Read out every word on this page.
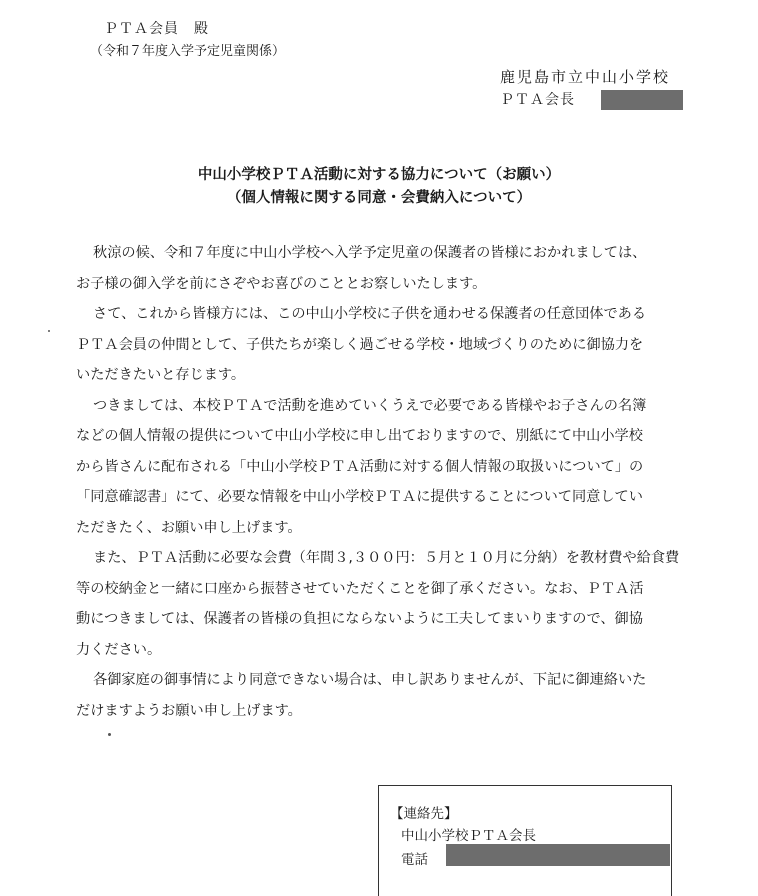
ＰＴＡ会員　殿
（令和７年度入学予定児童関係）
鹿児島市立中山小学校
ＰＴＡ会長
中山小学校ＰＴＡ活動に対する協力について（お願い）
（個人情報に関する同意・会費納入について）
秋涼の候、令和７年度に中山小学校へ入学予定児童の保護者の皆様におかれましては、
お子様の御入学を前にさぞやお喜びのこととお察しいたします。
さて、これから皆様方には、この中山小学校に子供を通わせる保護者の任意団体である
ＰＴＡ会員の仲間として、子供たちが楽しく過ごせる学校・地域づくりのために御協力を
いただきたいと存じます。
つきましては、本校ＰＴＡで活動を進めていくうえで必要である皆様やお子さんの名簿
などの個人情報の提供について中山小学校に申し出ておりますので、別紙にて中山小学校
から皆さんに配布される「中山小学校ＰＴＡ活動に対する個人情報の取扱いについて」の
「同意確認書」にて、必要な情報を中山小学校ＰＴＡに提供することについて同意してい
ただきたく、お願い申し上げます。
また、ＰＴＡ活動に必要な会費（年間３,３００円：５月と１０月に分納）を教材費や給食費
等の校納金と一緒に口座から振替させていただくことを御了承ください。なお、ＰＴＡ活
動につきましては、保護者の皆様の負担にならないように工夫してまいりますので、御協
力ください。
各御家庭の御事情により同意できない場合は、申し訳ありませんが、下記に御連絡いた
だけますようお願い申し上げます。
【連絡先】
中山小学校ＰＴＡ会長
電話
